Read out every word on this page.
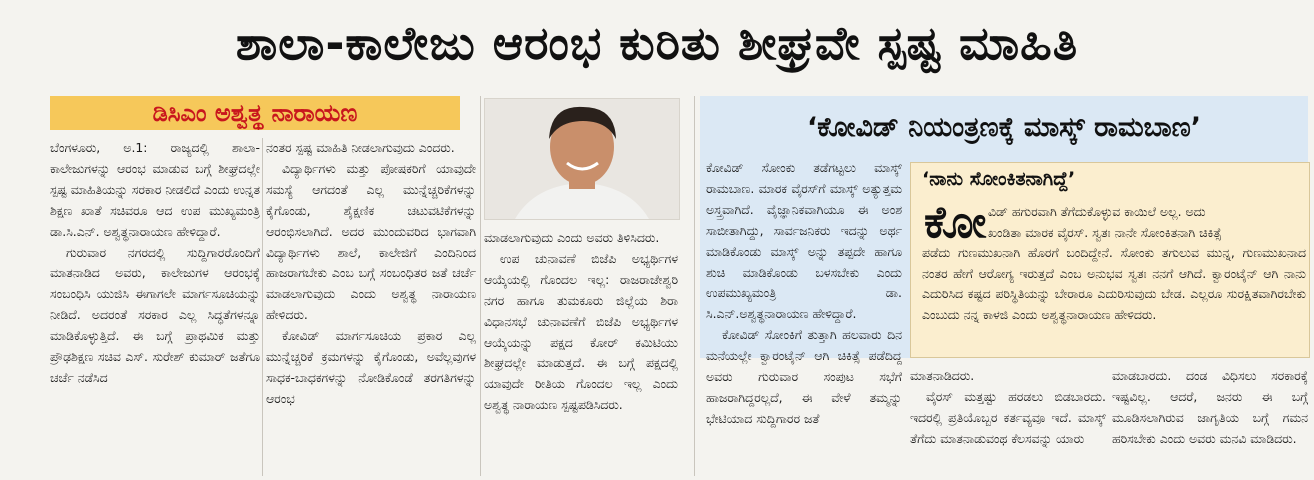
ಶಾಲಾ-ಕಾಲೇಜು ಆರಂಭ ಕುರಿತು ಶೀಘ್ರವೇ ಸ್ಪಷ್ಟ ಮಾಹಿತಿ
ಡಿಸಿಎಂ ಅಶ್ವತ್ಥ ನಾರಾಯಣ

ಬೆಂಗಳೂರು, ಅ.1: ರಾಜ್ಯದಲ್ಲಿ ಶಾಲಾ-ಕಾಲೇಜುಗಳನ್ನು ಆರಂಭ ಮಾಡುವ ಬಗ್ಗೆ ಶೀಘ್ರದಲ್ಲೇ ಸ್ಪಷ್ಟ ಮಾಹಿತಿಯನ್ನು ಸರಕಾರ ನೀಡಲಿದೆ ಎಂದು ಉನ್ನತ ಶಿಕ್ಷಣ ಖಾತೆ ಸಚಿವರೂ ಆದ ಉಪ ಮುಖ್ಯಮಂತ್ರಿ ಡಾ.ಸಿ.ಎನ್. ಅಶ್ವತ್ಥನಾರಾಯಣ ಹೇಳಿದ್ದಾರೆ.

ಗುರುವಾರ ನಗರದಲ್ಲಿ ಸುದ್ದಿಗಾರರೊಂದಿಗೆ ಮಾತನಾಡಿದ ಅವರು, ಕಾಲೇಜುಗಳ ಆರಂಭಕ್ಕೆ ಸಂಬಂಧಿಸಿ ಯುಜಿಸಿ ಈಗಾಗಲೇ ಮಾರ್ಗಸೂಚಿಯನ್ನು ನೀಡಿದೆ. ಅದರಂತೆ ಸರಕಾರ ಎಲ್ಲ ಸಿದ್ಧತೆಗಳನ್ನೂ ಮಾಡಿಕೊಳ್ಳುತ್ತಿದೆ. ಈ ಬಗ್ಗೆ ಪ್ರಾಥಮಿಕ ಮತ್ತು ಪ್ರೌಢಶಿಕ್ಷಣ ಸಚಿವ ಎಸ್. ಸುರೇಶ್ ಕುಮಾರ್ ಜತೆಗೂ ಚರ್ಚೆ ನಡೆಸಿದ

ನಂತರ ಸ್ಪಷ್ಟ ಮಾಹಿತಿ ನೀಡಲಾಗುವುದು ಎಂದರು.

ವಿದ್ಯಾರ್ಥಿಗಳು ಮತ್ತು ಪೋಷಕರಿಗೆ ಯಾವುದೇ ಸಮಸ್ಯೆ ಆಗದಂತೆ ಎಲ್ಲ ಮುನ್ನೆಚ್ಚರಿಕೆಗಳನ್ನು ಕೈಗೊಂಡು, ಶೈಕ್ಷಣಿಕ ಚಟುವಟಿಕೆಗಳನ್ನು ಆರಂಭಿಸಲಾಗಿದೆ. ಅದರ ಮುಂದುವರಿದ ಭಾಗವಾಗಿ ವಿದ್ಯಾರ್ಥಿಗಳು ಶಾಲೆ, ಕಾಲೇಜಿಗೆ ಎಂದಿನಿಂದ ಹಾಜರಾಗಬೇಕು ಎಂಬ ಬಗ್ಗೆ ಸಂಬಂಧಿತರ ಜತೆ ಚರ್ಚೆ ಮಾಡಲಾಗುವುದು ಎಂದು ಅಶ್ವತ್ಥ ನಾರಾಯಣ ಹೇಳಿದರು.

ಕೋವಿಡ್ ಮಾರ್ಗಸೂಚಿಯ ಪ್ರಕಾರ ಎಲ್ಲ ಮುನ್ನೆಚ್ಚರಿಕೆ ಕ್ರಮಗಳನ್ನು ಕೈಗೊಂಡು, ಅವೆಲ್ಲವುಗಳ ಸಾಧಕ-ಬಾಧಕಗಳನ್ನು ನೋಡಿಕೊಂಡೆ ತರಗತಿಗಳನ್ನು ಆರಂಭ

ಮಾಡಲಾಗುವುದು ಎಂದು ಅವರು ತಿಳಿಸಿದರು.

ಉಪ ಚುನಾವಣೆ ಬಿಜೆಪಿ ಅಭ್ಯರ್ಥಿಗಳ ಆಯ್ಕೆಯಲ್ಲಿ ಗೊಂದಲ ಇಲ್ಲ: ರಾಜರಾಜೇಶ್ವರಿ ನಗರ ಹಾಗೂ ತುಮಕೂರು ಜಿಲ್ಲೆಯ ಶಿರಾ ವಿಧಾನಸಭೆ ಚುನಾವಣೆಗೆ ಬಿಜೆಪಿ ಅಭ್ಯರ್ಥಿಗಳ ಆಯ್ಕೆಯನ್ನು ಪಕ್ಷದ ಕೋರ್ ಕಮಿಟಿಯು ಶೀಘ್ರದಲ್ಲೇ ಮಾಡುತ್ತದೆ. ಈ ಬಗ್ಗೆ ಪಕ್ಷದಲ್ಲಿ ಯಾವುದೇ ರೀತಿಯ ಗೊಂದಲ ಇಲ್ಲ ಎಂದು ಅಶ್ವತ್ಥ ನಾರಾಯಣ ಸ್ಪಷ್ಟಪಡಿಸಿದರು.

‘ಕೋವಿಡ್ ನಿಯಂತ್ರಣಕ್ಕೆ ಮಾಸ್ಕ್ ರಾಮಬಾಣ’

ಕೋವಿಡ್ ಸೋಂಕು ತಡೆಗಟ್ಟಲು ಮಾಸ್ಕ್ ರಾಮಬಾಣ. ಮಾರಕ ವೈರಸ್‌ಗೆ ಮಾಸ್ಕ್ ಅತ್ಯುತ್ತಮ ಅಸ್ತ್ರವಾಗಿದೆ. ವೈಜ್ಞಾನಿಕವಾಗಿಯೂ ಈ ಅಂಶ ಸಾಬೀತಾಗಿದ್ದು, ಸಾರ್ವಜನಿಕರು ಇದನ್ನು ಅರ್ಥ ಮಾಡಿಕೊಂಡು ಮಾಸ್ಕ್ ಅನ್ನು ತಪ್ಪದೇ ಹಾಗೂ ಶುಚಿ ಮಾಡಿಕೊಂಡು ಬಳಸಬೇಕು ಎಂದು ಉಪಮುಖ್ಯಮಂತ್ರಿ ಡಾ. ಸಿ.ಎನ್.ಅಶ್ವತ್ಥನಾರಾಯಣ ಹೇಳಿದ್ದಾರೆ.

ಕೋವಿಡ್ ಸೋಂಕಿಗೆ ತುತ್ತಾಗಿ ಹಲವಾರು ದಿನ ಮನೆಯಲ್ಲೇ ಕ್ವಾರಂಟೈನ್ ಆಗಿ ಚಿಕಿತ್ಸೆ ಪಡೆದಿದ್ದ ಅವರು ಗುರುವಾರ ಸಂಪುಟ ಸಭೆಗೆ ಹಾಜರಾಗಿದ್ದರಲ್ಲದೆ, ಈ ವೇಳೆ ತಮ್ಮನ್ನು ಭೇಟಿಯಾದ ಸುದ್ದಿಗಾರರ ಜತೆ

‘ನಾನು ಸೋಂಕಿತನಾಗಿದ್ದೆ’
ಕೋ ವಿಡ್ ಹಗುರವಾಗಿ ತೆಗೆದುಕೊಳ್ಳುವ ಕಾಯಿಲೆ ಅಲ್ಲ. ಅದು
ಖಂಡಿತಾ ಮಾರಕ ವೈರಸ್. ಸ್ವತಃ ನಾನೇ ಸೋಂಕಿತನಾಗಿ ಚಿಕಿತ್ಸೆ
ಪಡೆದು ಗುಣಮುಖನಾಗಿ ಹೊರಗೆ ಬಂದಿದ್ದೇನೆ. ಸೋಂಕು ತಗುಲುವ ಮುನ್ನ, ಗುಣಮುಖನಾದ ನಂತರ ಹೇಗೆ ಆರೋಗ್ಯ ಇರುತ್ತದೆ ಎಂಬ ಅನುಭವ ಸ್ವತಃ ನನಗೆ ಆಗಿದೆ. ಕ್ವಾರಂಟೈನ್ ಆಗಿ ನಾನು ಎದುರಿಸಿದ ಕಷ್ಟದ ಪರಿಸ್ಥಿತಿಯನ್ನು ಬೇರಾರೂ ಎದುರಿಸುವುದು ಬೇಡ. ಎಲ್ಲರೂ ಸುರಕ್ಷಿತವಾಗಿರಬೇಕು ಎಂಬುದು ನನ್ನ ಕಾಳಜಿ ಎಂದು ಅಶ್ವತ್ಥನಾರಾಯಣ ಹೇಳಿದರು.

ಮಾತನಾಡಿದರು.

ವೈರಸ್ ಮತ್ತಷ್ಟು ಹರಡಲು ಬಿಡಬಾರದು. ಇದರಲ್ಲಿ ಪ್ರತಿಯೊಬ್ಬರ ಕರ್ತವ್ಯವೂ ಇದೆ. ಮಾಸ್ಕ್ ತೆಗೆದು ಮಾತನಾಡುವಂಥ ಕೆಲಸವನ್ನು ಯಾರು

ಮಾಡಬಾರದು. ದಂಡ ವಿಧಿಸಲು ಸರಕಾರಕ್ಕೆ ಇಷ್ಟವಿಲ್ಲ. ಆದರೆ, ಜನರು ಈ ಬಗ್ಗೆ ಮೂಡಿಸಲಾಗಿರುವ ಜಾಗೃತಿಯ ಬಗ್ಗೆ ಗಮನ ಹರಿಸಬೇಕು ಎಂದು ಅವರು ಮನವಿ ಮಾಡಿದರು.
